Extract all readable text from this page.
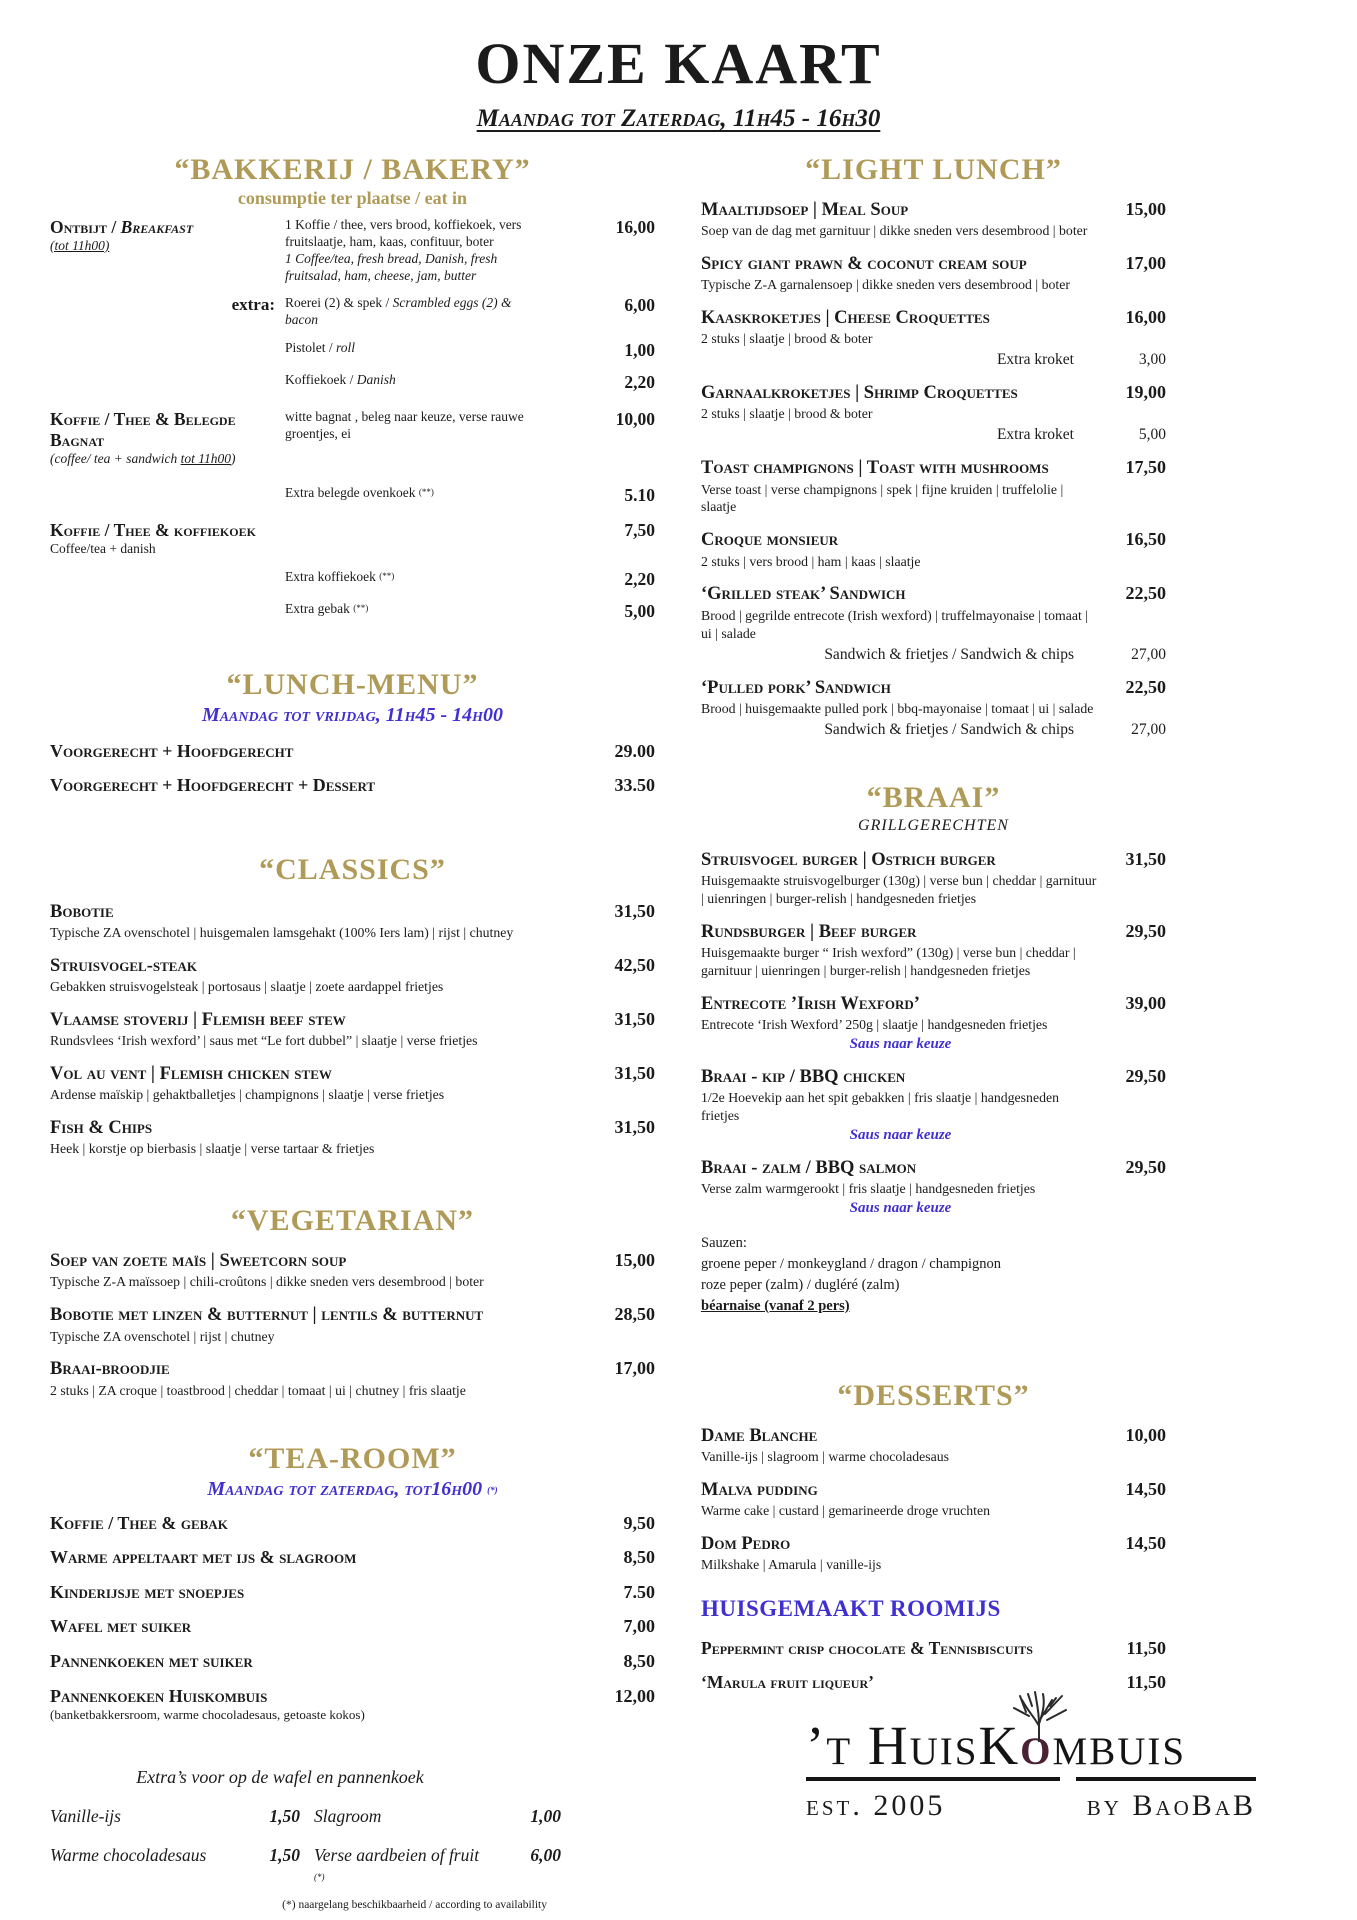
ONZE KAART
Maandag tot Zaterdag, 11h45 - 16h30
“BAKKERIJ / BAKERY”
consumptie ter plaatse / eat in
Ontbijt / Breakfast
(tot 11h00)
1 Koffie / thee, vers brood, koffiekoek, vers fruitslaatje, ham, kaas, confituur, boter
1 Coffee/tea, fresh bread, Danish, fresh fruitsalad, ham, cheese, jam, butter
16,00
extra: Roerei (2) & spek / Scrambled eggs (2) & bacon
6,00
Pistolet / roll	1,00
Koffiekoek / Danish	2,20
Koffie / Thee & Belegde Bagnat
(coffee/ tea + sandwich tot 11h00)
witte bagnat , beleg naar keuze, verse rauwe groentjes, ei
10,00
Extra belegde ovenkoek (**)	5.10
Koffie / Thee & koffiekoek
Coffee/tea + danish
7,50
Extra koffiekoek (**)	2,20
Extra gebak (**)	5,00
“LUNCH-MENU”
Maandag tot vrijdag, 11h45 - 14h00
Voorgerecht + Hoofdgerecht	29.00
Voorgerecht + Hoofdgerecht + Dessert	33.50
“CLASSICS”
Bobotie
Typische ZA ovenschotel | huisgemalen lamsgehakt (100% Iers lam) | rijst | chutney
31,50
Struisvogel-steak
Gebakken struisvogelsteak | portosaus | slaatje | zoete aardappel frietjes
42,50
Vlaamse stoverij | Flemish beef stew
Rundsvlees ‘Irish wexford’ | saus met “Le fort dubbel” | slaatje | verse frietjes
31,50
Vol au vent | Flemish chicken stew
Ardense maïskip | gehaktballetjes | champignons | slaatje | verse frietjes
31,50
Fish & Chips
Heek | korstje op bierbasis | slaatje | verse tartaar & frietjes
31,50
“VEGETARIAN”
Soep van zoete maïs | Sweetcorn soup
Typische Z-A maïssoep | chili-croûtons | dikke sneden vers desembrood | boter
15,00
Bobotie met linzen & butternut | lentils & butternut
Typische ZA ovenschotel | rijst | chutney
28,50
Braai-broodjie
2 stuks | ZA croque | toastbrood | cheddar | tomaat | ui | chutney | fris slaatje
17,00
“TEA-ROOM”
Maandag tot zaterdag, tot16h00 (*)
Koffie / Thee & gebak	9,50
Warme appeltaart met ijs & slagroom	8,50
Kinderijsje met snoepjes	7.50
Wafel met suiker	7,00
Pannenkoeken met suiker	8,50
Pannenkoeken Huiskombuis
(banketbakkersroom, warme chocoladesaus, getoaste kokos)
12,00
Extra’s voor op de wafel en pannenkoek
Vanille-ijs	1,50 Slagroom	1,00
Warme chocoladesaus	1,50 Verse aardbeien of fruit (*)
6,00
(*) naargelang beschikbaarheid / according to availability
“LIGHT LUNCH”
Maaltijdsoep | Meal Soup
Soep van de dag met garnituur | dikke sneden vers desembrood | boter
15,00
Spicy giant prawn & coconut cream soup
Typische Z-A garnalensoep | dikke sneden vers desembrood | boter
17,00
Kaaskroketjes | Cheese Croquettes
2 stuks | slaatje | brood & boter
16,00
Extra kroket	3,00
Garnaalkroketjes | Shrimp Croquettes
2 stuks | slaatje | brood & boter
19,00
Extra kroket	5,00
Toast champignons | Toast with mushrooms
Verse toast | verse champignons | spek | fijne kruiden | truffelolie | slaatje
17,50
Croque monsieur
2 stuks | vers brood | ham | kaas | slaatje
16,50
‘Grilled steak’ Sandwich
Brood | gegrilde entrecote (Irish wexford) | truffelmayonaise | tomaat | ui | salade
22,50
Sandwich & frietjes / Sandwich & chips	27,00
‘Pulled pork’ Sandwich
Brood | huisgemaakte pulled pork | bbq-mayonaise | tomaat | ui | salade
22,50
Sandwich & frietjes / Sandwich & chips	27,00
“BRAAI”
GRILLGERECHTEN
Struisvogel burger | Ostrich burger
Huisgemaakte struisvogelburger (130g) | verse bun | cheddar | garnituur | uienringen | burger-relish | handgesneden frietjes
31,50
Rundsburger | Beef burger
Huisgemaakte burger “ Irish wexford” (130g) | verse bun | cheddar | garnituur | uienringen | burger-relish | handgesneden frietjes
29,50
Entrecote ’Irish Wexford’
Entrecote ‘Irish Wexford’ 250g | slaatje | handgesneden frietjes
Saus naar keuze
39,00
Braai - kip / BBQ chicken
1/2e Hoevekip aan het spit gebakken | fris slaatje | handgesneden frietjes
Saus naar keuze
29,50
Braai - zalm / BBQ salmon
Verse zalm warmgerookt | fris slaatje | handgesneden frietjes
Saus naar keuze
29,50
Sauzen:
groene peper / monkeygland / dragon / champignon
roze peper (zalm) / dugléré (zalm)
béarnaise (vanaf 2 pers)
“DESSERTS”
Dame Blanche
Vanille-ijs | slagroom | warme chocoladesaus
10,00
Malva pudding
Warme cake | custard | gemarineerde droge vruchten
14,50
Dom Pedro
Milkshake | Amarula | vanille-ijs
14,50
HUISGEMAAKT ROOMIJS
Peppermint crisp chocolate & Tennisbiscuits	11,50
‘Marula fruit liqueur’	11,50
’t HuisK
ombuis
est. 2005	by BaoBaB
